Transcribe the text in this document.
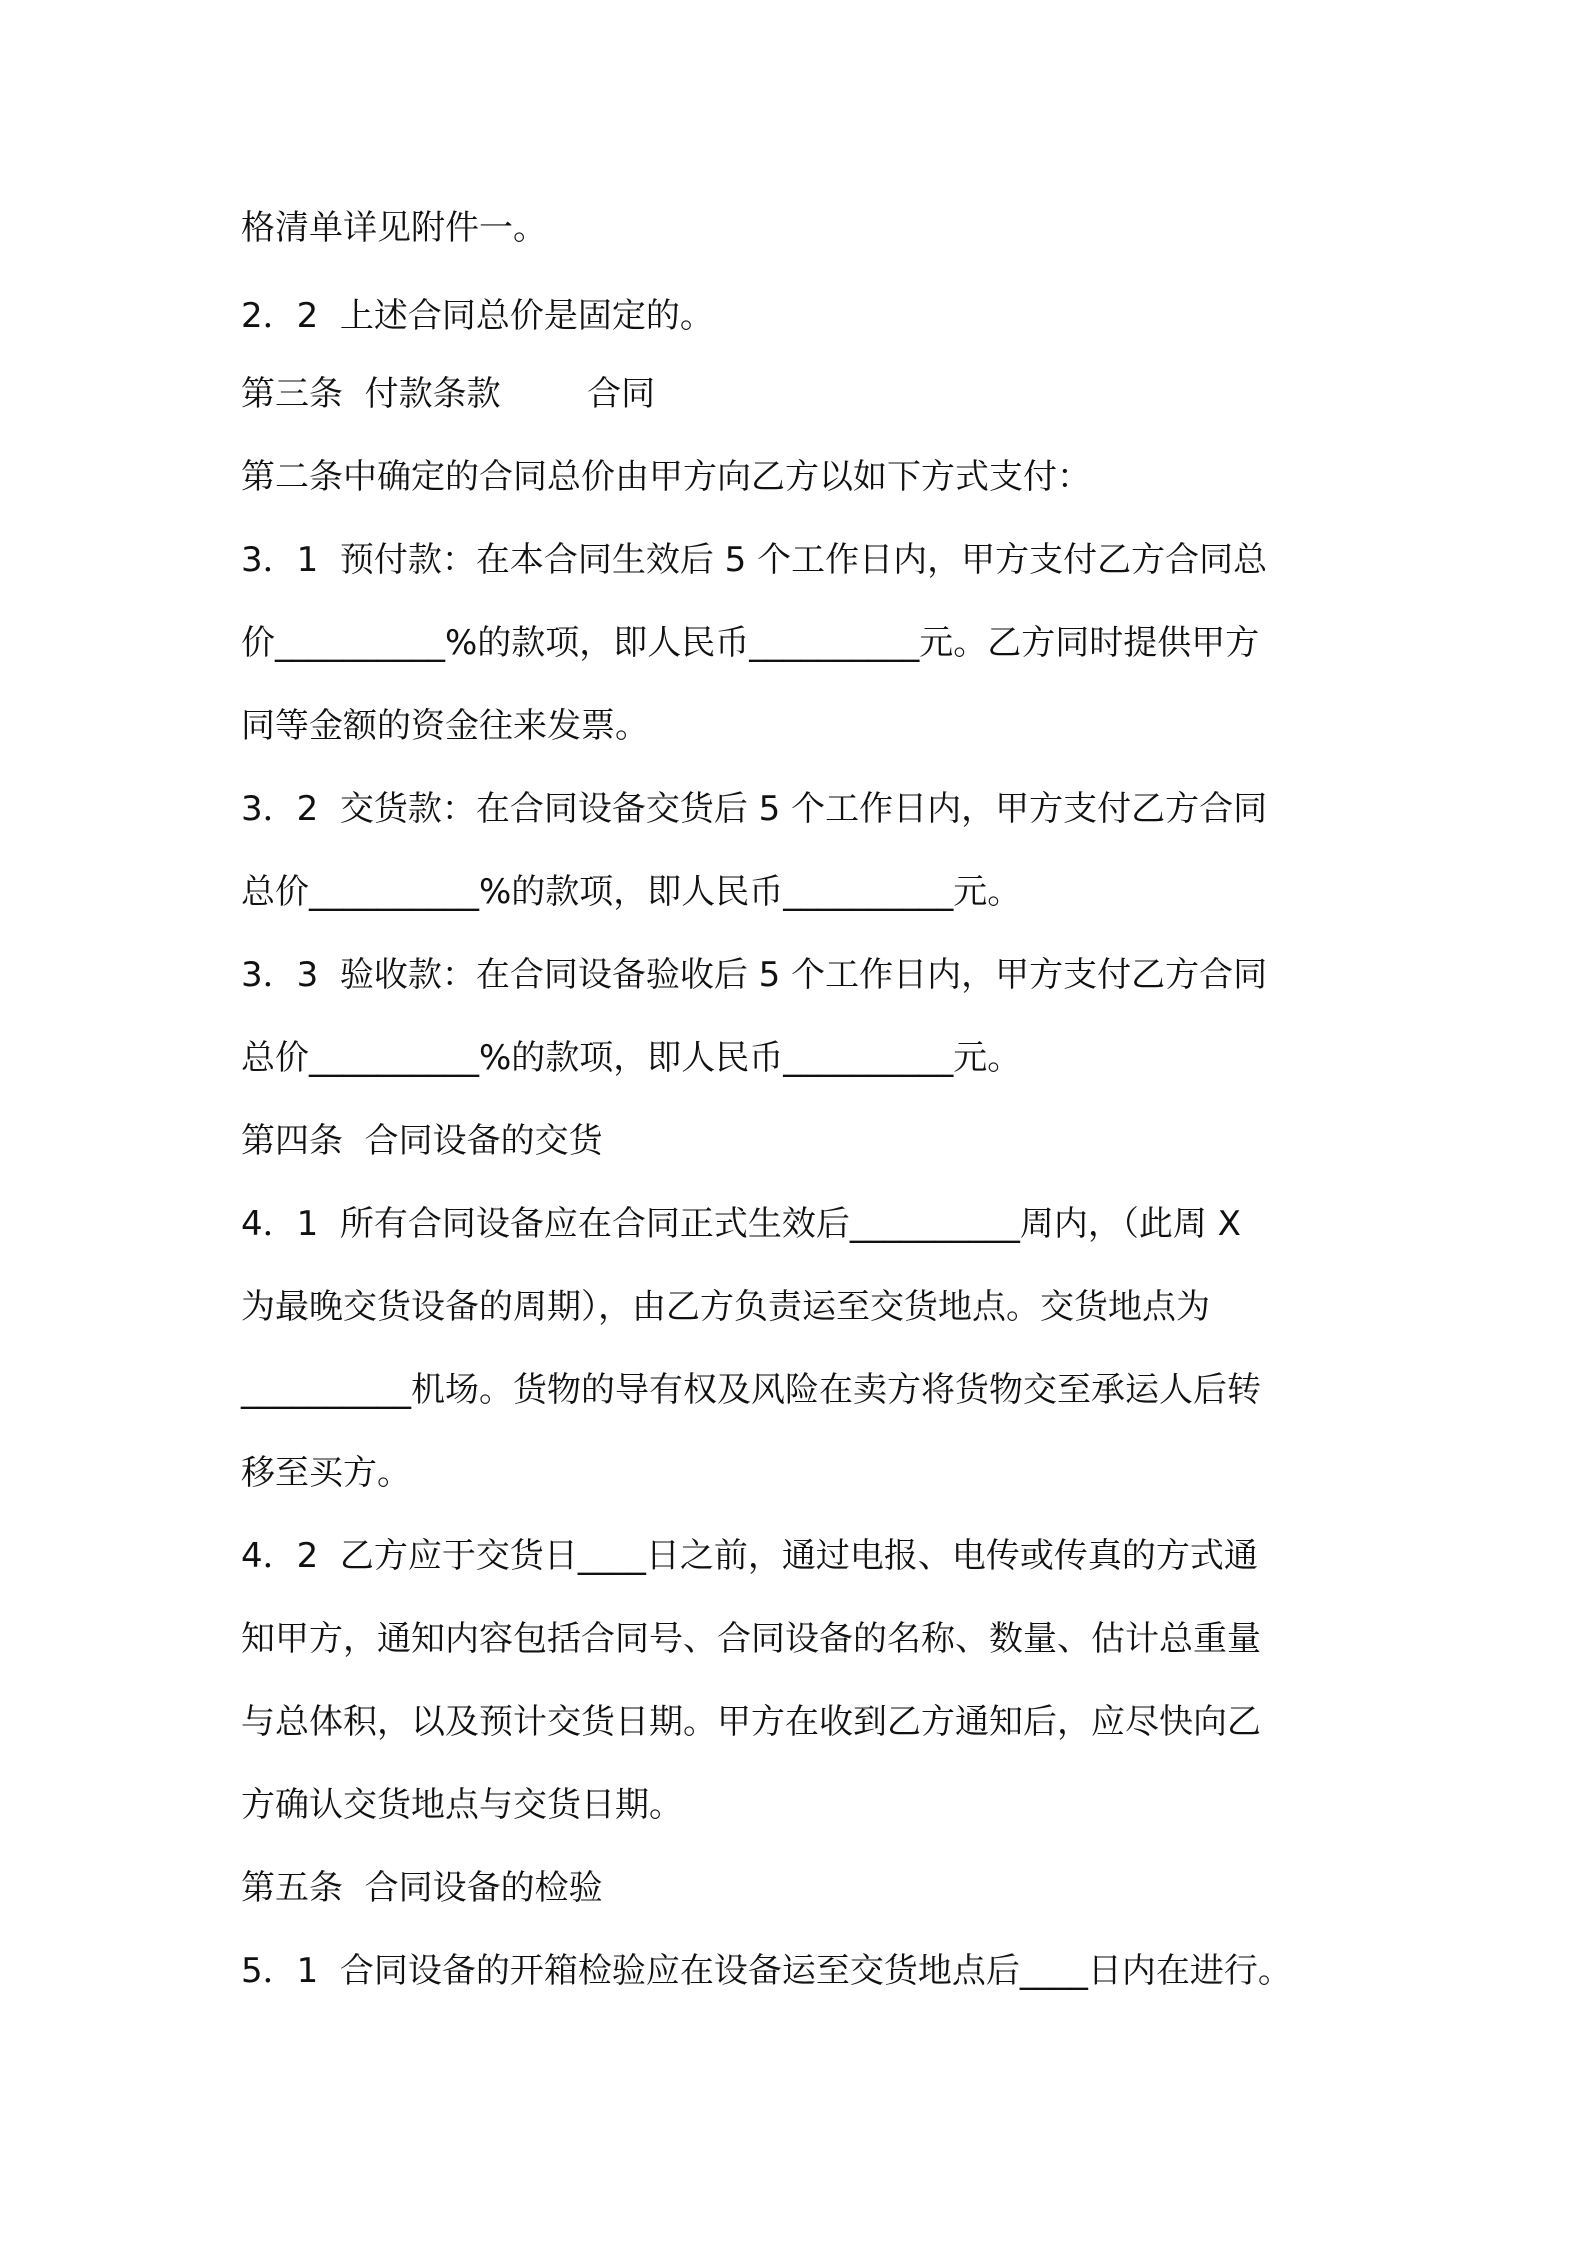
格清单详见附件一。

2．2  上述合同总价是固定的。

第三条  付款条款        合同

第二条中确定的合同总价由甲方向乙方以如下方式支付：

3．1  预付款：在本合同生效后 5 个工作日内，甲方支付乙方合同总

价__________%的款项，即人民币__________元。乙方同时提供甲方

同等金额的资金往来发票。

3．2  交货款：在合同设备交货后 5 个工作日内，甲方支付乙方合同

总价__________%的款项，即人民币__________元。

3．3  验收款：在合同设备验收后 5 个工作日内，甲方支付乙方合同

总价__________%的款项，即人民币__________元。

第四条  合同设备的交货

4．1  所有合同设备应在合同正式生效后__________周内，（此周 X

为最晚交货设备的周期），由乙方负责运至交货地点。交货地点为

__________机场。货物的导有权及风险在卖方将货物交至承运人后转

移至买方。

4．2  乙方应于交货日____日之前，通过电报、电传或传真的方式通

知甲方，通知内容包括合同号、合同设备的名称、数量、估计总重量

与总体积，以及预计交货日期。甲方在收到乙方通知后，应尽快向乙

方确认交货地点与交货日期。

第五条  合同设备的检验

5．1  合同设备的开箱检验应在设备运至交货地点后____日内在进行。
